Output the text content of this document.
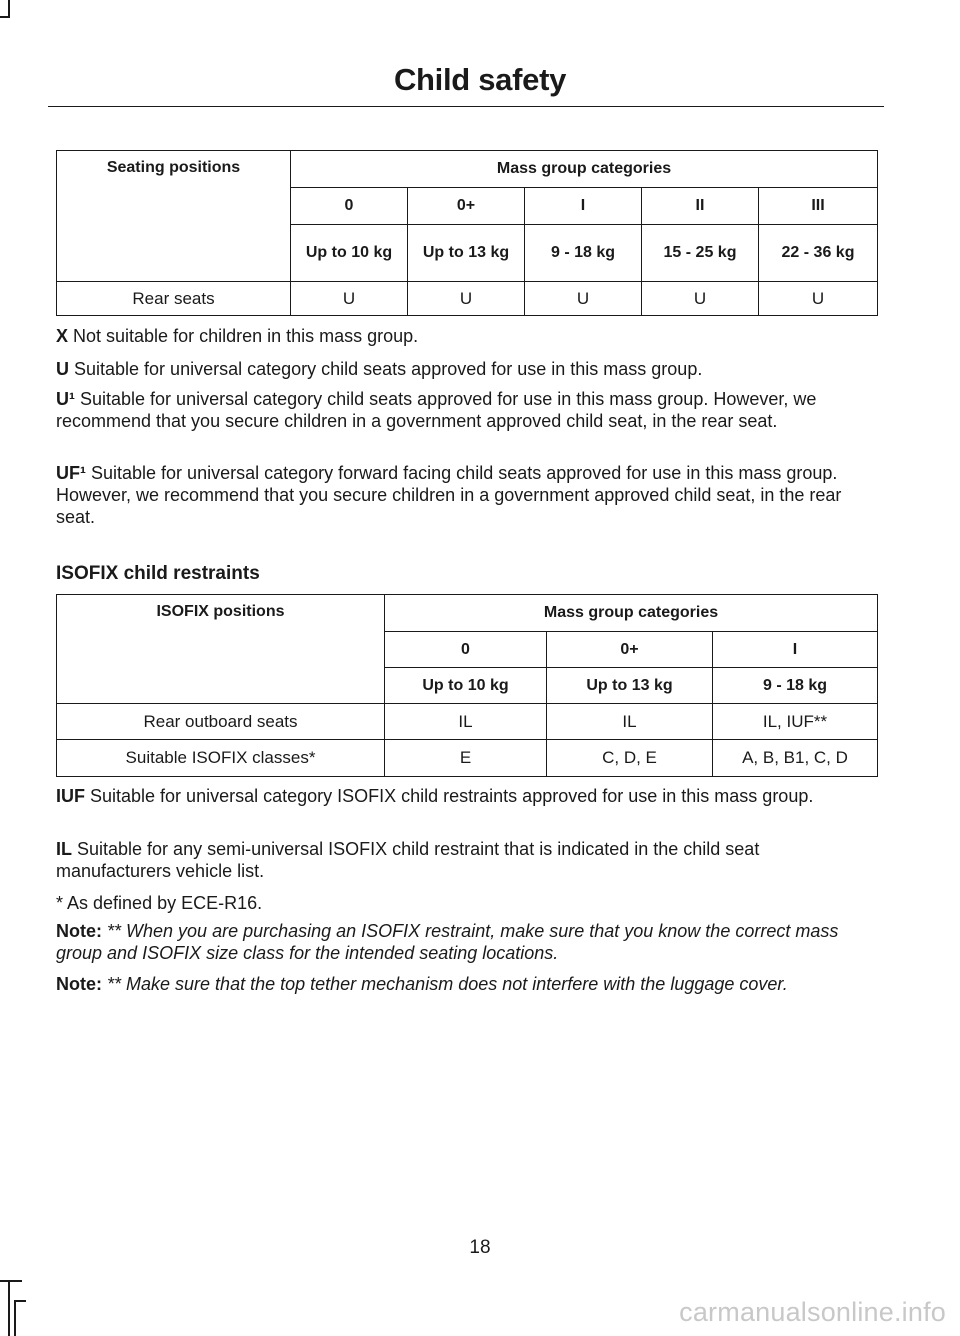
Child safety
Seating positions	Mass group categories				
	0	0+	I	II	III
	Up to 10 kg	Up to 13 kg	9 - 18 kg	15 - 25 kg	22 - 36 kg
Rear seats	U	U	U	U	U

X Not suitable for children in this mass group.

U Suitable for universal category child seats approved for use in this mass group.

U¹ Suitable for universal category child seats approved for use in this mass group. However, we recommend that you secure children in a government approved child seat, in the rear seat.

UF¹ Suitable for universal category forward facing child seats approved for use in this mass group. However, we recommend that you secure children in a government approved child seat, in the rear seat.

ISOFIX child restraints
ISOFIX positions	Mass group categories		
	0	0+	I
	Up to 10 kg	Up to 13 kg	9 - 18 kg
Rear outboard seats	IL	IL	IL, IUF**
Suitable ISOFIX classes*	E	C, D, E	A, B, B1, C, D

IUF Suitable for universal category ISOFIX child restraints approved for use in this mass group.

IL Suitable for any semi-universal ISOFIX child restraint that is indicated in the child seat manufacturers vehicle list.

* As defined by ECE-R16.

Note: ** When you are purchasing an ISOFIX restraint, make sure that you know the correct mass group and ISOFIX size class for the intended seating locations.

Note: ** Make sure that the top tether mechanism does not interfere with the luggage cover.

18
carmanualsonline.info
